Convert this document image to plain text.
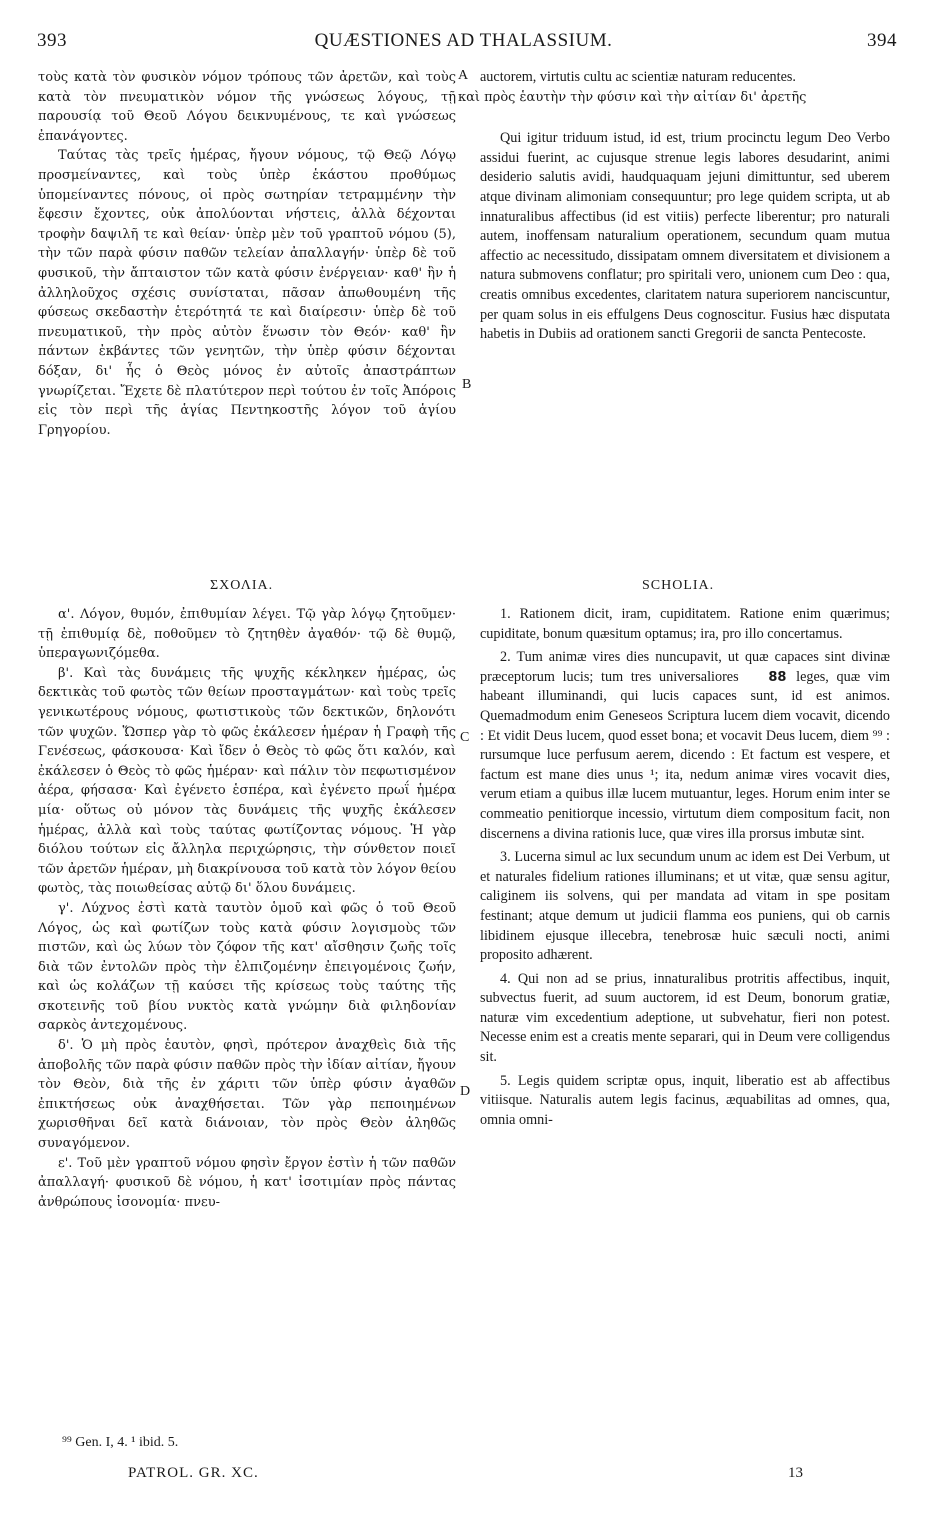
393	QUÆSTIONES AD THALASSIUM.	394

τοὺς κατὰ τὸν φυσικὸν νόμον τρόπους τῶν ἀρετῶν, καὶ τοὺς κατὰ τὸν πνευματικὸν νόμον τῆς γνώσεως λόγους, τῇ παρουσίᾳ τοῦ Θεοῦ Λόγου δεικνυμένους, τε καὶ γνώσεως ἐπανάγοντες.

Ταύτας τὰς τρεῖς ἡμέρας, ἤγουν νόμους, τῷ Θεῷ Λόγῳ προσμείναντες, καὶ τοὺς ὑπὲρ ἑκάστου προθύμως ὑπομείναντες πόνους, οἱ πρὸς σωτηρίαν τετραμμένην τὴν ἔφεσιν ἔχοντες, οὐκ ἀπολύονται νήστεις, ἀλλὰ δέχονται τροφὴν δαψιλῆ τε καὶ θείαν· ὑπὲρ μὲν τοῦ γραπτοῦ νόμου (5), τὴν τῶν παρὰ φύσιν παθῶν τελείαν ἀπαλλαγήν· ὑπὲρ δὲ τοῦ φυσικοῦ, τὴν ἄπταιστον τῶν κατὰ φύσιν ἐνέργειαν· καθ' ἣν ἡ ἀλληλοῦχος σχέσις συνίσταται, πᾶσαν ἀπωθουμένη τῆς φύσεως σκεδαστὴν ἑτερότητά τε καὶ διαίρεσιν· ὑπὲρ δὲ τοῦ πνευματικοῦ, τὴν πρὸς αὐτὸν ἕνωσιν τὸν Θεόν· καθ' ἣν πάντων ἐκβάντες τῶν γενητῶν, τὴν ὑπὲρ φύσιν δέχονται δόξαν, δι' ἧς ὁ Θεὸς μόνος ἐν αὐτοῖς ἀπαστράπτων γνωρίζεται. Ἔχετε δὲ πλατύτερον περὶ τούτου ἐν τοῖς Ἀπόροις εἰς τὸν περὶ τῆς ἁγίας Πεντηκοστῆς λόγον τοῦ ἁγίου Γρηγορίου.

auctorem, virtutis cultu ac scientiæ naturam reducentes.

καὶ πρὸς ἑαυτὴν τὴν φύσιν καὶ τὴν αἰτίαν δι' ἀρετῆς

Qui igitur triduum istud, id est, trium procinctu legum Deo Verbo assidui fuerint, ac cujusque strenue legis labores desudarint, animi desiderio salutis avidi, haudquaquam jejuni dimittuntur, sed uberem atque divinam alimoniam consequuntur; pro lege quidem scripta, ut ab innaturalibus affectibus (id est vitiis) perfecte liberentur; pro naturali autem, inoffensam naturalium operationem, secundum quam mutua affectio ac necessitudo, dissipatam omnem diversitatem et divisionem a natura submovens conflatur; pro spiritali vero, unionem cum Deo : qua, creatis omnibus excedentes, claritatem natura superiorem nanciscuntur, per quam solus in eis effulgens Deus cognoscitur. Fusius hæc disputata habetis in Dubiis ad orationem sancti Gregorii de sancta Pentecoste.

A
B
C
D
ΣΧΟΛΙΑ.	SCHOLIA.

α'. Λόγον, θυμόν, ἐπιθυμίαν λέγει. Τῷ γὰρ λόγῳ ζητοῦμεν· τῇ ἐπιθυμίᾳ δὲ, ποθοῦμεν τὸ ζητηθὲν ἀγαθόν· τῷ δὲ θυμῷ, ὑπεραγωνιζόμεθα.

β'. Καὶ τὰς δυνάμεις τῆς ψυχῆς κέκληκεν ἡμέρας, ὡς δεκτικὰς τοῦ φωτὸς τῶν θείων προσταγμάτων· καὶ τοὺς τρεῖς γενικωτέρους νόμους, φωτιστικοὺς τῶν δεκτικῶν, δηλονότι τῶν ψυχῶν. Ὥσπερ γὰρ τὸ φῶς ἐκάλεσεν ἡμέραν ἡ Γραφὴ τῆς Γενέσεως, φάσκουσα· Καὶ ἴδεν ὁ Θεὸς τὸ φῶς ὅτι καλόν, καὶ ἐκάλεσεν ὁ Θεὸς τὸ φῶς ἡμέραν· καὶ πάλιν τὸν πεφωτισμένον ἀέρα, φήσασα· Καὶ ἐγένετο ἑσπέρα, καὶ ἐγένετο πρωΐ ἡμέρα μία· οὕτως οὐ μόνον τὰς δυνάμεις τῆς ψυχῆς ἐκάλεσεν ἡμέρας, ἀλλὰ καὶ τοὺς ταύτας φωτίζοντας νόμους. Ἡ γὰρ διόλου τούτων εἰς ἄλληλα περιχώρησις, τὴν σύνθετον ποιεῖ τῶν ἀρετῶν ἡμέραν, μὴ διακρίνουσα τοῦ κατὰ τὸν λόγον θείου φωτὸς, τὰς ποιωθείσας αὐτῷ δι' ὅλου δυνάμεις.

γ'. Λύχνος ἐστὶ κατὰ ταυτὸν ὁμοῦ καὶ φῶς ὁ τοῦ Θεοῦ Λόγος, ὡς καὶ φωτίζων τοὺς κατὰ φύσιν λογισμοὺς τῶν πιστῶν, καὶ ὡς λύων τὸν ζόφον τῆς κατ' αἴσθησιν ζωῆς τοῖς διὰ τῶν ἐντολῶν πρὸς τὴν ἐλπιζομένην ἐπειγομένοις ζωήν, καὶ ὡς κολάζων τῇ καύσει τῆς κρίσεως τοὺς ταύτης τῆς σκοτεινῆς τοῦ βίου νυκτὸς κατὰ γνώμην διὰ φιληδονίαν σαρκὸς ἀντεχομένους.

δ'. Ὁ μὴ πρὸς ἑαυτὸν, φησὶ, πρότερον ἀναχθεὶς διὰ τῆς ἀποβολῆς τῶν παρὰ φύσιν παθῶν πρὸς τὴν ἰδίαν αἰτίαν, ἤγουν τὸν Θεὸν, διὰ τῆς ἐν χάριτι τῶν ὑπὲρ φύσιν ἀγαθῶν ἐπικτήσεως οὐκ ἀναχθήσεται. Τῶν γὰρ πεποιημένων χωρισθῆναι δεῖ κατὰ διάνοιαν, τὸν πρὸς Θεὸν ἀληθῶς συναγόμενον.

ε'. Τοῦ μὲν γραπτοῦ νόμου φησὶν ἔργον ἐστὶν ἡ τῶν παθῶν ἀπαλλαγή· φυσικοῦ δὲ νόμου, ἡ κατ' ἰσοτιμίαν πρὸς πάντας ἀνθρώπους ἰσονομία· πνευ-

1. Rationem dicit, iram, cupiditatem. Ratione enim quærimus; cupiditate, bonum quæsitum optamus; ira, pro illo concertamus.

2. Tum animæ vires dies nuncupavit, ut quæ capaces sint divinæ præceptorum lucis; tum tres universaliores 88 leges, quæ vim habeant illuminandi, qui lucis capaces sunt, id est animos. Quemadmodum enim Geneseos Scriptura lucem diem vocavit, dicendo : Et vidit Deus lucem, quod esset bona; et vocavit Deus lucem, diem ⁹⁹ : rursumque luce perfusum aerem, dicendo : Et factum est vespere, et factum est mane dies unus ¹; ita, nedum animæ vires vocavit dies, verum etiam a quibus illæ lucem mutuantur, leges. Horum enim inter se commeatio penitiorque incessio, virtutum diem compositum facit, non discernens a divina rationis luce, quæ vires illa prorsus imbutæ sint.

3. Lucerna simul ac lux secundum unum ac idem est Dei Verbum, ut et naturales fidelium rationes illuminans; et ut vitæ, quæ sensu agitur, caliginem iis solvens, qui per mandata ad vitam in spe positam festinant; atque demum ut judicii flamma eos puniens, qui ob carnis libidinem ejusque illecebra, tenebrosæ huic sæculi nocti, animi proposito adhærent.

4. Qui non ad se prius, innaturalibus protritis affectibus, inquit, subvectus fuerit, ad suum auctorem, id est Deum, bonorum gratiæ, naturæ vim excedentium adeptione, ut subvehatur, fieri non potest. Necesse enim est a creatis mente separari, qui in Deum vere colligendus sit.

5. Legis quidem scriptæ opus, inquit, liberatio est ab affectibus vitiisque. Naturalis autem legis facinus, æquabilitas ad omnes, qua, omnia omni-

⁹⁹ Gen. I, 4. ¹ ibid. 5.
PATROL. GR. XC.	13
